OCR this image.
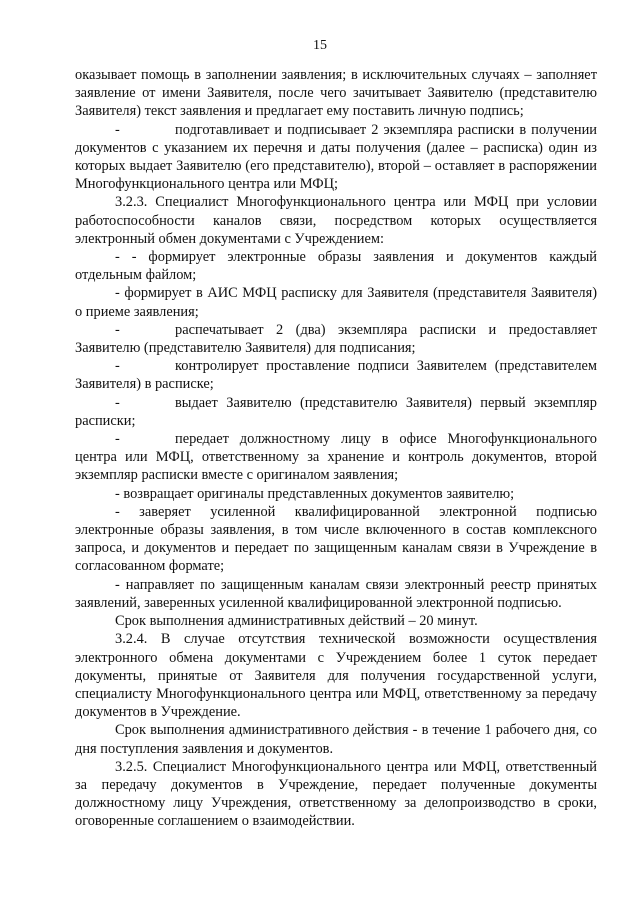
15

оказывает помощь в заполнении заявления; в исключительных случаях – заполняет заявление от имени Заявителя, после чего зачитывает Заявителю (представителю Заявителя) текст заявления и предлагает ему поставить личную подпись;

-	подготавливает и подписывает 2 экземпляра расписки в получении документов с указанием их перечня и даты получения (далее – расписка) один из которых выдает Заявителю (его представителю), второй – оставляет в распоряжении Многофункционального центра или МФЦ;

3.2.3. Специалист Многофункционального центра или МФЦ при условии работоспособности каналов связи, посредством которых осуществляется электронный обмен документами с Учреждением:

- - формирует электронные образы заявления и документов каждый отдельным файлом;

- формирует в АИС МФЦ расписку для Заявителя (представителя Заявителя) о приеме заявления;

-	распечатывает 2 (два) экземпляра расписки и предоставляет Заявителю (представителю Заявителя) для подписания;

-	контролирует проставление подписи Заявителем (представителем Заявителя) в расписке;

-	выдает Заявителю (представителю Заявителя) первый экземпляр расписки;

-	передает должностному лицу в офисе Многофункционального центра или МФЦ, ответственному за хранение и контроль документов, второй экземпляр расписки вместе с оригиналом заявления;

- возвращает оригиналы представленных документов заявителю;

- заверяет усиленной квалифицированной электронной подписью электронные образы заявления, в том числе включенного в состав комплексного запроса, и документов и передает по защищенным каналам связи в Учреждение в согласованном формате;

- направляет по защищенным каналам связи электронный реестр принятых заявлений, заверенных усиленной квалифицированной электронной подписью.

Срок выполнения административных действий – 20 минут.

3.2.4. В случае отсутствия технической возможности осуществления электронного обмена документами с Учреждением более 1 суток передает документы, принятые от Заявителя для получения государственной услуги, специалисту Многофункционального центра или МФЦ, ответственному за передачу документов в Учреждение.

Срок выполнения административного действия - в течение 1 рабочего дня, со дня поступления заявления и документов.

3.2.5. Специалист Многофункционального центра или МФЦ, ответственный за передачу документов в Учреждение, передает полученные документы должностному лицу Учреждения, ответственному за делопроизводство в сроки, оговоренные соглашением о взаимодействии.
